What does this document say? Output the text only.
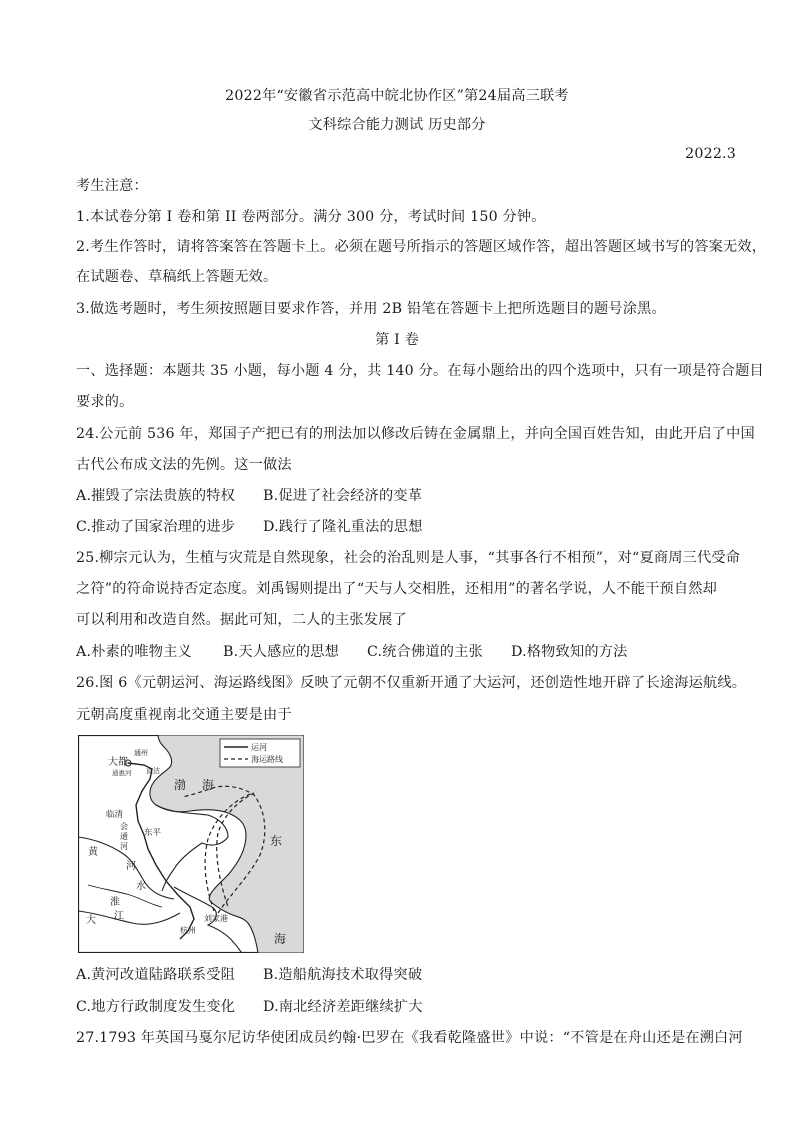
2022年“安徽省示范高中皖北协作区”第24届高三联考
文科综合能力测试 历史部分
2022.3
考生注意：
1.本试卷分第 I 卷和第 II 卷两部分。满分 300 分，考试时间 150 分钟。
2.考生作答时，请将答案答在答题卡上。必须在题号所指示的答题区域作答，超出答题区域书写的答案无效，
在试题卷、草稿纸上答题无效。
3.做选考题时，考生须按照题目要求作答，并用 2B 铅笔在答题卡上把所选题目的题号涂黑。
第 I 卷
一、选择题：本题共 35 小题，每小题 4 分，共 140 分。在每小题给出的四个选项中，只有一项是符合题目
要求的。
24.公元前 536 年，郑国子产把已有的刑法加以修改后铸在金属鼎上，并向全国百姓告知，由此开启了中国
古代公布成文法的先例。这一做法
A.摧毁了宗法贵族的特权	B.促进了社会经济的变革
C.推动了国家治理的进步	D.践行了隆礼重法的思想
25.柳宗元认为，生植与灾荒是自然现象，社会的治乱则是人事，“其事各行不相预”，对“夏商周三代受命
之符”的符命说持否定态度。刘禹锡则提出了“天与人交相胜，还相用”的著名学说，人不能干预自然却
可以利用和改造自然。据此可知，二人的主张发展了
A.朴素的唯物主义	B.天人感应的思想	C.统合佛道的主张	D.格物致知的方法
26.图 6《元朝运河、海运路线图》反映了元朝不仅重新开通了大运河，还创造性地开辟了长途海运航线。
元朝高度重视南北交通主要是由于
运河
海运路线
大都
通惠河
通州
直沽
渤 海
临清
会
通
河
东平
东
黄
河
淮
水
大 江	刘家港
杭州
海
A.黄河改道陆路联系受阻	B.造船航海技术取得突破
C.地方行政制度发生变化	D.南北经济差距继续扩大
27.1793 年英国马戛尔尼访华使团成员约翰·巴罗在《我看乾隆盛世》中说：“不管是在舟山还是在溯白河
